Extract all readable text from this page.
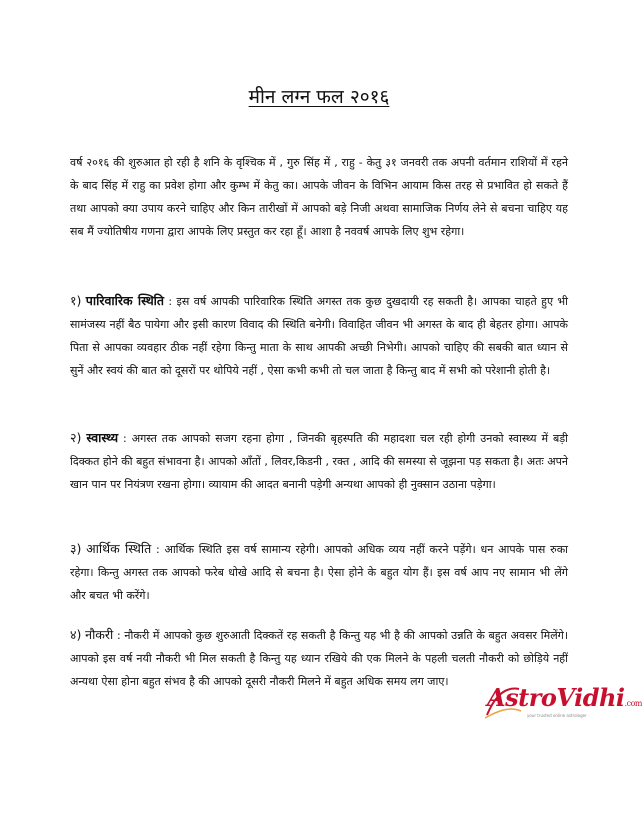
मीन लग्न फल २०१६
वर्ष २०१६ की शुरुआत हो रही है शनि के वृश्चिक में , गुरु सिंह में , राहु - केतु ३१ जनवरी तक अपनी वर्तमान राशियों में रहने के बाद सिंह में राहु का प्रवेश होगा और कुम्भ में केतु का। आपके जीवन के विभिन आयाम किस तरह से प्रभावित हो सकते हैं तथा आपको क्या उपाय करने चाहिए और किन तारीखों में आपको बड़े निजी अथवा सामाजिक निर्णय लेने से बचना चाहिए यह सब मैं ज्योतिषीय गणना द्वारा आपके लिए प्रस्तुत कर रहा हूँ। आशा है नववर्ष आपके लिए शुभ रहेगा।
१) पारिवारिक स्थिति : इस वर्ष आपकी पारिवारिक स्थिति अगस्त तक कुछ दुखदायी रह सकती है। आपका चाहते हुए भी सामंजस्य नहीं बैठ पायेगा और इसी कारण विवाद की स्थिति बनेगी। विवाहित जीवन भी अगस्त के बाद ही बेहतर होगा। आपके पिता से आपका व्यवहार ठीक नहीं रहेगा किन्तु माता के साथ आपकी अच्छी निभेगी। आपको चाहिए की सबकी बात ध्यान से सुनें और स्वयं की बात को दूसरों पर थोपिये नहीं , ऐसा कभी कभी तो चल जाता है किन्तु बाद में सभी को परेशानी होती है।
२) स्वास्थ्य : अगस्त तक आपको सजग रहना होगा , जिनकी बृहस्पति की महादशा चल रही होगी उनको स्वास्थ्य में बड़ी दिक्कत होने की बहुत संभावना है। आपको आँतों , लिवर,किडनी , रक्त , आदि की समस्या से जूझना पड़ सकता है। अतः अपने खान पान पर नियंत्रण रखना होगा। व्यायाम की आदत बनानी पड़ेगी अन्यथा आपको ही नुक्सान उठाना पड़ेगा।
३) आर्थिक स्थिति : आर्थिक स्थिति इस वर्ष सामान्य रहेगी। आपको अधिक व्यय नहीं करने पड़ेंगे। धन आपके पास रुका रहेगा। किन्तु अगस्त तक आपको फरेब धोखे आदि से बचना है। ऐसा होने के बहुत योग हैं। इस वर्ष आप नए सामान भी लेंगे और बचत भी करेंगे।
४) नौकरी : नौकरी में आपको कुछ शुरुआती दिक्कतें रह सकती है किन्तु यह भी है की आपको उन्नति के बहुत अवसर मिलेंगे। आपको इस वर्ष नयी नौकरी भी मिल सकती है किन्तु यह ध्यान रखिये की एक मिलने के पहली चलती नौकरी को छोड़िये नहीं अन्यथा ऐसा होना बहुत संभव है की आपको दूसरी नौकरी मिलने में बहुत अधिक समय लग जाए।
AstroVidhi.com
your trusted online astrologer
